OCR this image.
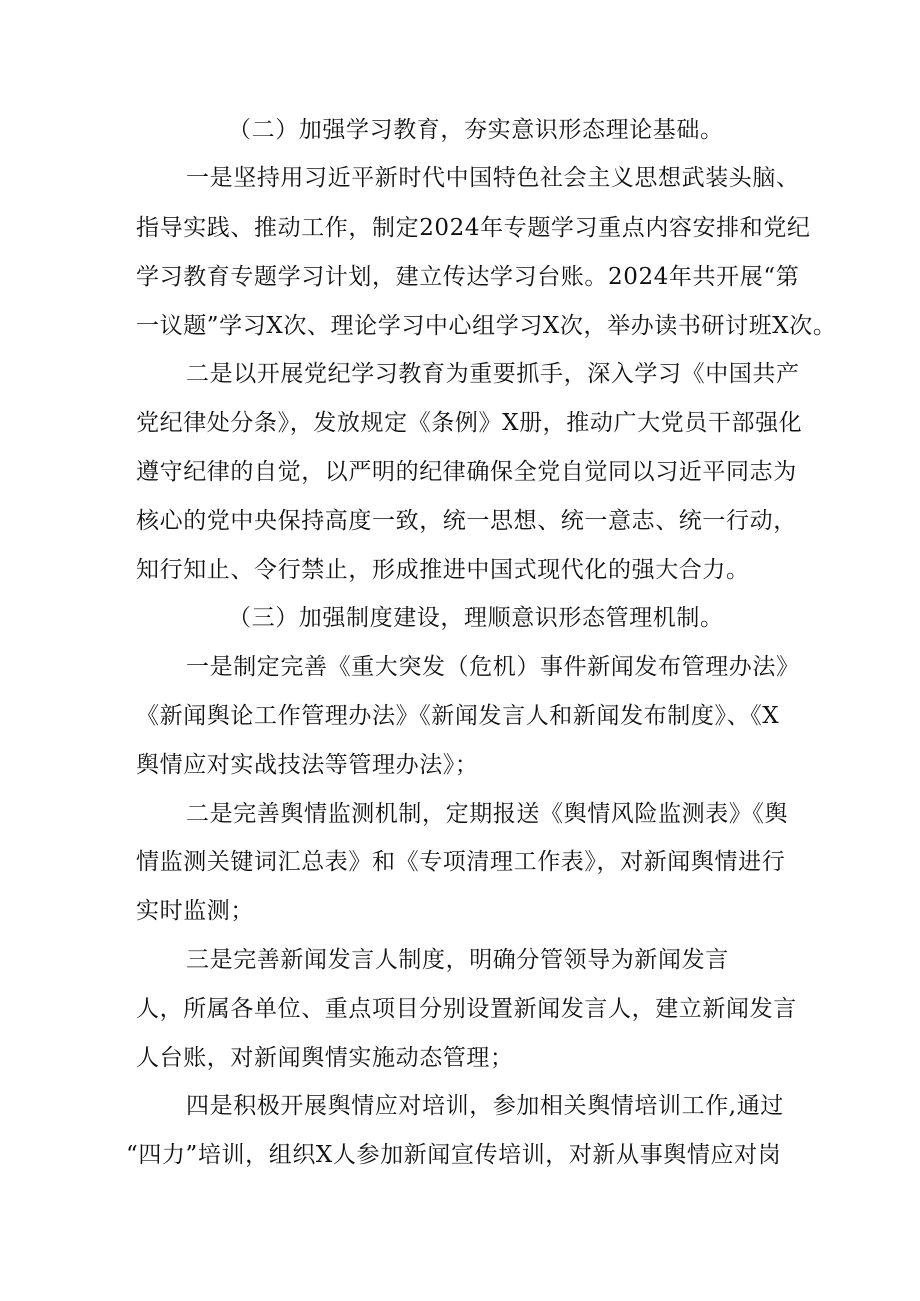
（二）加强学习教育，夯实意识形态理论基础。
一是坚持用习近平新时代中国特色社会主义思想武装头脑、
指导实践、推动工作，制定2024年专题学习重点内容安排和党纪
学习教育专题学习计划，建立传达学习台账。2024年共开展“第
一议题”学习X次、理论学习中心组学习X次，举办读书研讨班X次。
二是以开展党纪学习教育为重要抓手，深入学习《中国共产
党纪律处分条》，发放规定《条例》X册，推动广大党员干部强化
遵守纪律的自觉，以严明的纪律确保全党自觉同以习近平同志为
核心的党中央保持高度一致，统一思想、统一意志、统一行动，
知行知止、令行禁止，形成推进中国式现代化的强大合力。
（三）加强制度建设，理顺意识形态管理机制。
一是制定完善《重大突发（危机）事件新闻发布管理办法》
《新闻舆论工作管理办法》《新闻发言人和新闻发布制度》、《X
舆情应对实战技法等管理办法》；
二是完善舆情监测机制，定期报送《舆情风险监测表》《舆
情监测关键词汇总表》和《专项清理工作表》，对新闻舆情进行
实时监测；
三是完善新闻发言人制度，明确分管领导为新闻发言
人，所属各单位、重点项目分别设置新闻发言人，建立新闻发言
人台账，对新闻舆情实施动态管理；
四是积极开展舆情应对培训，参加相关舆情培训工作,通过
“四力”培训，组织X人参加新闻宣传培训，对新从事舆情应对岗
